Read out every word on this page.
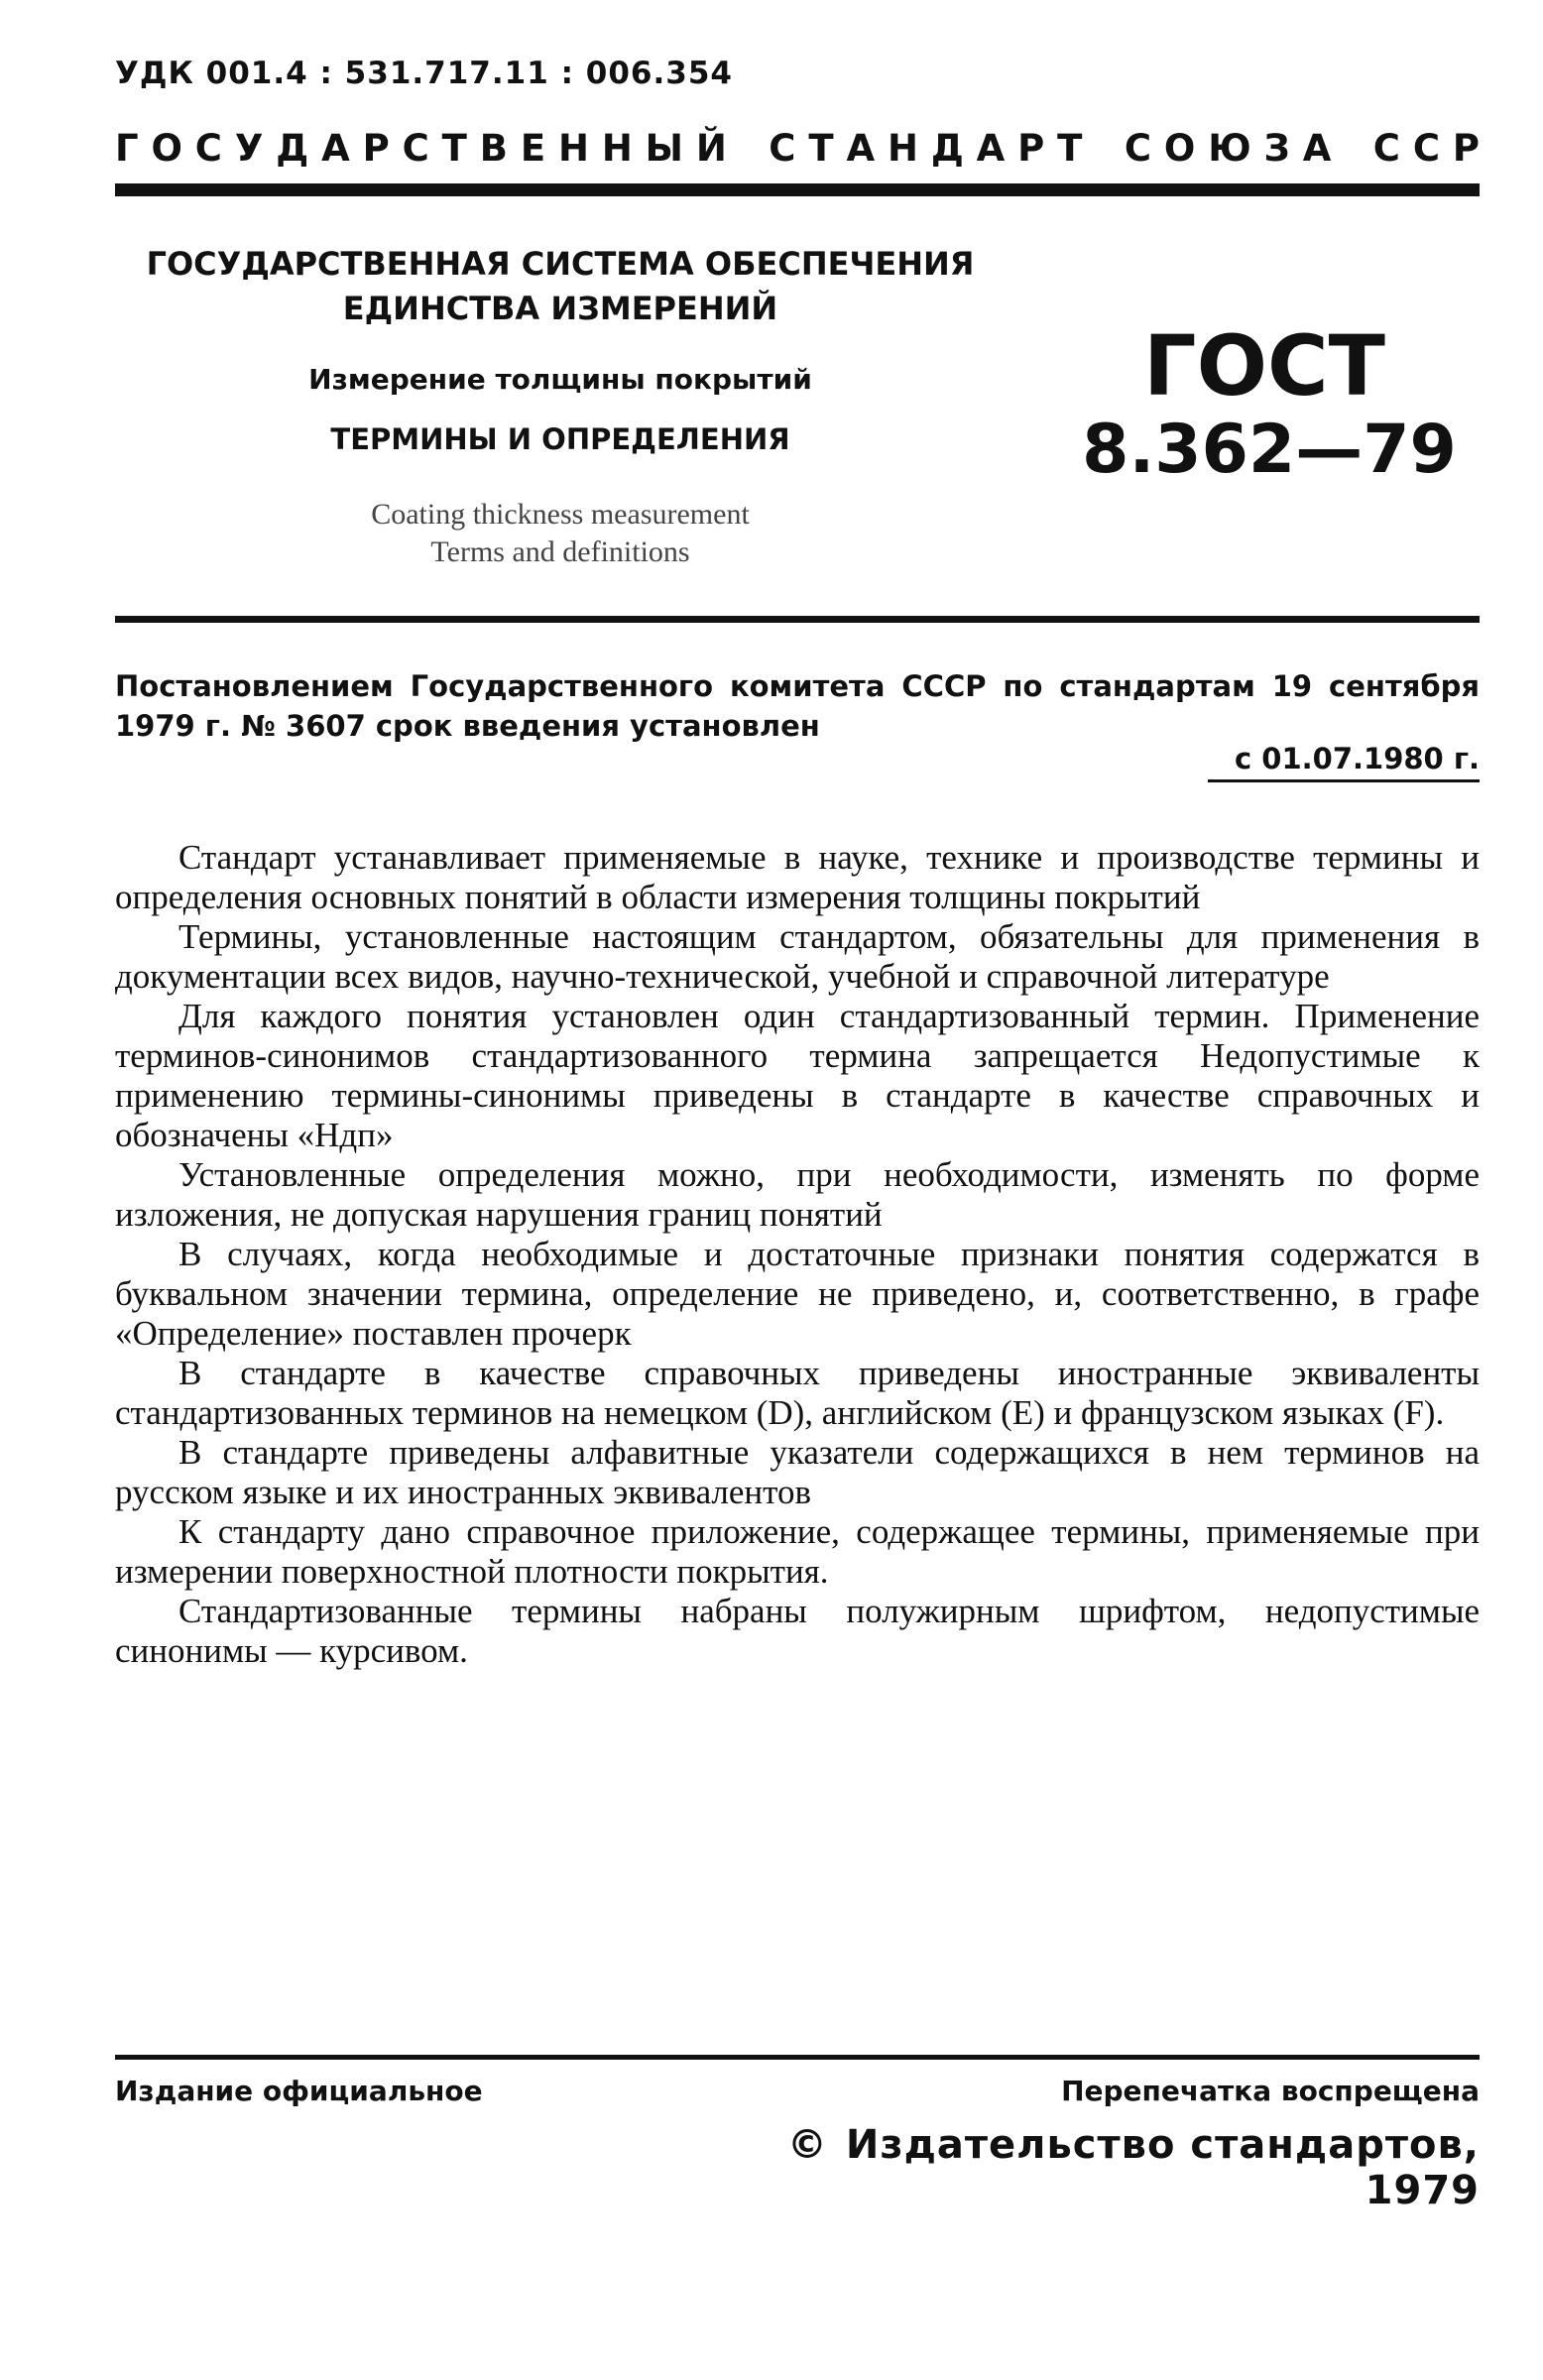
УДК 001.4 : 531.717.11 : 006.354
Г О С У Д А Р С Т В Е Н Н Ы Й С Т А Н Д А Р Т С О Ю З А С С Р
ГОСУДАРСТВЕННАЯ СИСТЕМА ОБЕСПЕЧЕНИЯ ЕДИНСТВА ИЗМЕРЕНИЙ
Измерение толщины покрытий
ТЕРМИНЫ И ОПРЕДЕЛЕНИЯ
Coating thickness measurement
Terms and definitions
ГОСТ
8.362—79
Постановлением Государственного комитета СССР по стандартам 19 сентября 1979 г. № 3607 срок введения установлен
с 01.07.1980 г.

Стандарт устанавливает применяемые в науке, технике и производстве термины и определения основных понятий в области измерения толщины покрытий

Термины, установленные настоящим стандартом, обязательны для применения в документации всех видов, научно-технической, учебной и справочной литературе

Для каждого понятия установлен один стандартизованный термин. Применение терминов-синонимов стандартизованного термина запрещается Недопустимые к применению термины-синонимы приведены в стандарте в качестве справочных и обозначены «Ндп»

Установленные определения можно, при необходимости, изменять по форме изложения, не допуская нарушения границ понятий

В случаях, когда необходимые и достаточные признаки понятия содержатся в буквальном значении термина, определение не приведено, и, соответственно, в графе «Определение» поставлен прочерк

В стандарте в качестве справочных приведены иностранные эквиваленты стандартизованных терминов на немецком (D), английском (E) и французском языках (F).

В стандарте приведены алфавитные указатели содержащихся в нем терминов на русском языке и их иностранных эквивалентов

К стандарту дано справочное приложение, содержащее термины, применяемые при измерении поверхностной плотности покрытия.

Стандартизованные термины набраны полужирным шрифтом, недопустимые синонимы — курсивом.

Издание официальное	Перепечатка воспрещена
© Издательство стандартов, 1979
